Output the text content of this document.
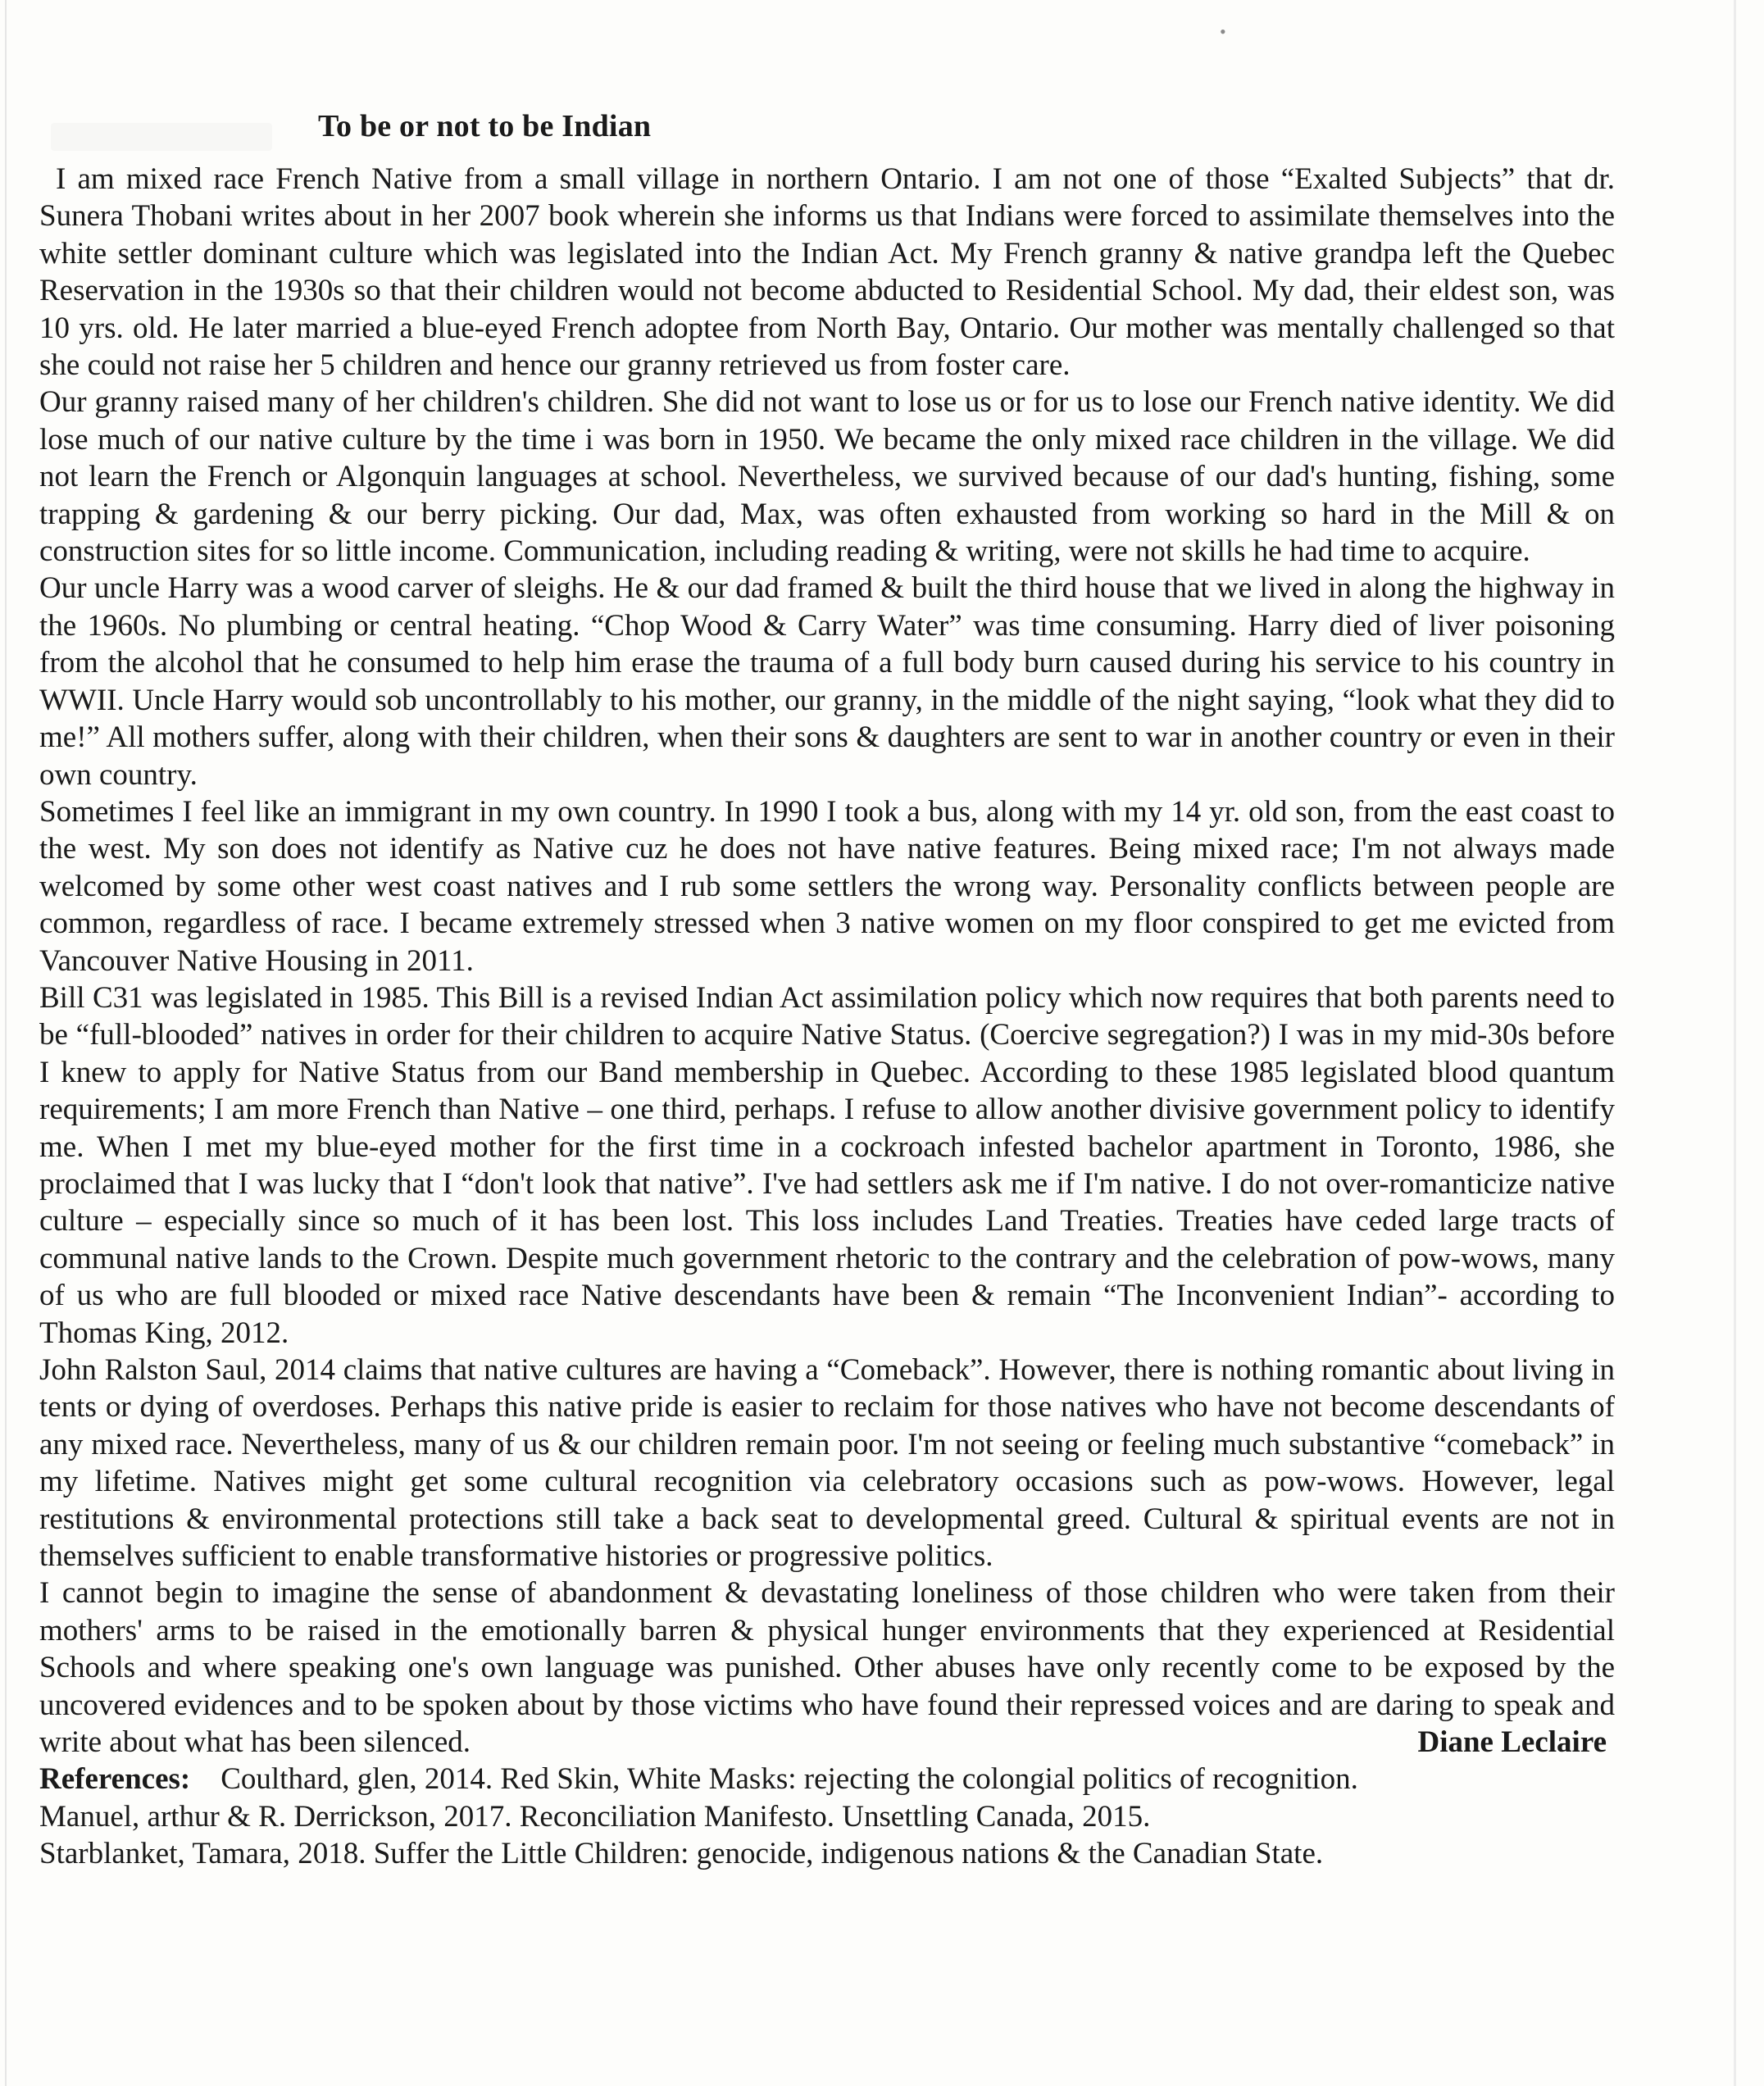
•
To be or not to be Indian

I am mixed race French Native from a small village in northern Ontario. I am not one of those “Exalted Subjects” that dr. Sunera Thobani writes about in her 2007 book wherein she informs us that Indians were forced to assimilate themselves into the white settler dominant culture which was legislated into the Indian Act. My French granny & native grandpa left the Quebec Reservation in the 1930s so that their children would not become abducted to Residential School. My dad, their eldest son, was 10 yrs. old. He later married a blue-eyed French adoptee from North Bay, Ontario. Our mother was mentally challenged so that she could not raise her 5 children and hence our granny retrieved us from foster care.

Our granny raised many of her children's children. She did not want to lose us or for us to lose our French native identity. We did lose much of our native culture by the time i was born in 1950. We became the only mixed race children in the village. We did not learn the French or Algonquin languages at school. Nevertheless, we survived because of our dad's hunting, fishing, some trapping & gardening & our berry picking. Our dad, Max, was often exhausted from working so hard in the Mill & on construction sites for so little income. Communication, including reading & writing, were not skills he had time to acquire.

Our uncle Harry was a wood carver of sleighs. He & our dad framed & built the third house that we lived in along the highway in the 1960s. No plumbing or central heating. “Chop Wood & Carry Water” was time consuming. Harry died of liver poisoning from the alcohol that he consumed to help him erase the trauma of a full body burn caused during his service to his country in WWII. Uncle Harry would sob uncontrollably to his mother, our granny, in the middle of the night saying, “look what they did to me!” All mothers suffer, along with their children, when their sons & daughters are sent to war in another country or even in their own country.

Sometimes I feel like an immigrant in my own country. In 1990 I took a bus, along with my 14 yr. old son, from the east coast to the west. My son does not identify as Native cuz he does not have native features. Being mixed race; I'm not always made welcomed by some other west coast natives and I rub some settlers the wrong way. Personality conflicts between people are common, regardless of race. I became extremely stressed when 3 native women on my floor conspired to get me evicted from Vancouver Native Housing in 2011.

Bill C31 was legislated in 1985. This Bill is a revised Indian Act assimilation policy which now requires that both parents need to be “full-blooded” natives in order for their children to acquire Native Status. (Coercive segregation?) I was in my mid-30s before I knew to apply for Native Status from our Band membership in Quebec. According to these 1985 legislated blood quantum requirements; I am more French than Native – one third, perhaps. I refuse to allow another divisive government policy to identify me. When I met my blue-eyed mother for the first time in a cockroach infested bachelor apartment in Toronto, 1986, she proclaimed that I was lucky that I “don't look that native”. I've had settlers ask me if I'm native. I do not over-romanticize native culture – especially since so much of it has been lost. This loss includes Land Treaties. Treaties have ceded large tracts of communal native lands to the Crown. Despite much government rhetoric to the contrary and the celebration of pow-wows, many of us who are full blooded or mixed race Native descendants have been & remain “The Inconvenient Indian”- according to Thomas King, 2012.

John Ralston Saul, 2014 claims that native cultures are having a “Comeback”. However, there is nothing romantic about living in tents or dying of overdoses. Perhaps this native pride is easier to reclaim for those natives who have not become descendants of any mixed race. Nevertheless, many of us & our children remain poor. I'm not seeing or feeling much substantive “comeback” in my lifetime. Natives might get some cultural recognition via celebratory occasions such as pow-wows. However, legal restitutions & environmental protections still take a back seat to developmental greed. Cultural & spiritual events are not in themselves sufficient to enable transformative histories or progressive politics.

I cannot begin to imagine the sense of abandonment & devastating loneliness of those children who were taken from their mothers' arms to be raised in the emotionally barren & physical hunger environments that they experienced at Residential Schools and where speaking one's own language was punished. Other abuses have only recently come to be exposed by the uncovered evidences and to be spoken about by those victims who have found their repressed voices and are daring to speak and write about what has been silenced.	Diane Leclaire

References: Coulthard, glen, 2014. Red Skin, White Masks: rejecting the colongial politics of recognition.

Manuel, arthur & R. Derrickson, 2017. Reconciliation Manifesto. Unsettling Canada, 2015.

Starblanket, Tamara, 2018. Suffer the Little Children: genocide, indigenous nations & the Canadian State.
